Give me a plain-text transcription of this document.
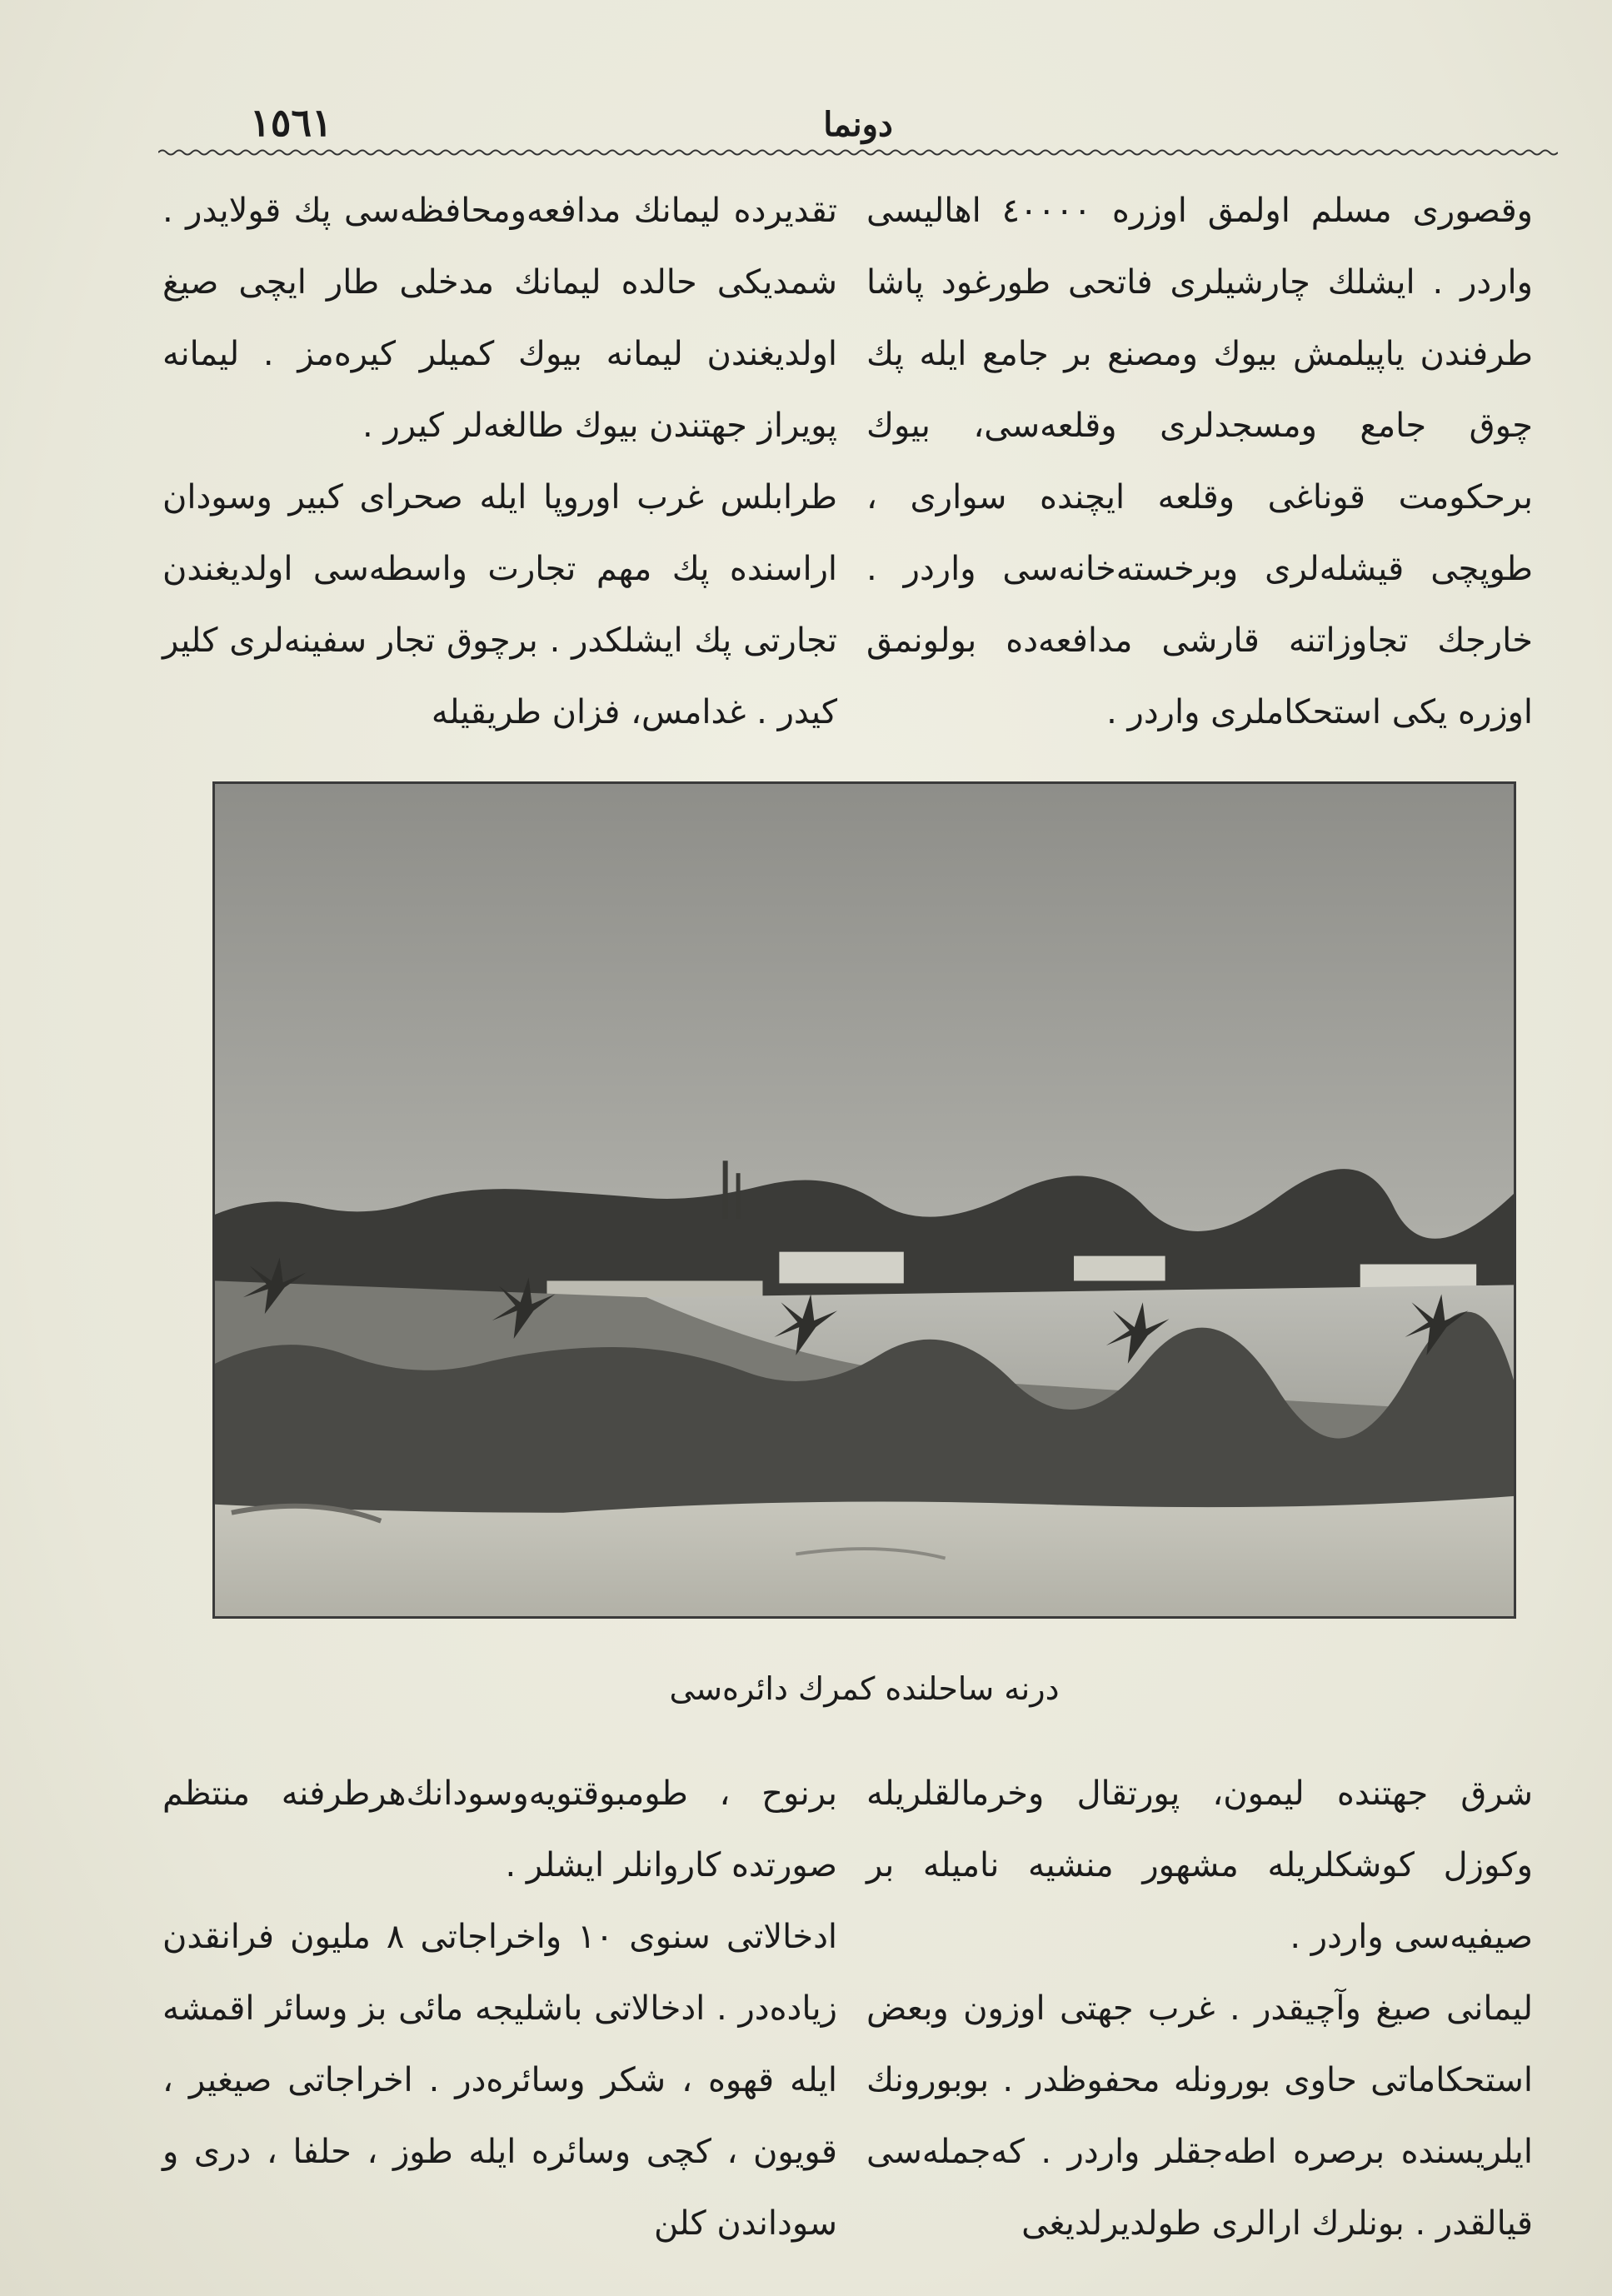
١٥٦١	دونما

وقصوری مسلم اولمق اوزره ٤٠٠٠٠ اهالیسی واردر . ایشلك چارشیلری فاتحی طورغود پاشا طرفندن یاپیلمش بیوك ومصنع بر جامع ایله پك چوق جامع ومسجدلری وقلعه‌سی، بیوك برحکومت قوناغی وقلعه ایچنده سواری ، طوپچی قیشله‌لری وبرخسته‌خانه‌سی واردر . خارجك تجاوزاتنه قارشی مدافعه‌ده بولونمق اوزره یکی استحکاملری واردر .

تقدیرده لیمانك مدافعه‌ومحافظه‌سی پك قولایدر . شمدیکی حالده لیمانك مدخلی طار ایچی صیغ اولدیغندن لیمانه بیوك کمیلر کیره‌مز . لیمانه پویراز جهتندن بیوك طالغه‌لر کیرر .

طرابلس غرب اوروپا ایله صحرای کبیر وسودان اراسنده پك مهم تجارت واسطه‌سی اولدیغندن تجارتی پك ایشلکدر . برچوق تجار سفینه‌لری کلیر کیدر . غدامس، فزان طریقیله

درنه ساحلنده کمرك دائره‌سی

شرق جهتنده لیمون، پورتقال وخرمالقلریله وکوزل کوشکلریله مشهور منشیه نامیله بر صیفیه‌سی واردر .

لیمانی صیغ وآچیقدر . غرب جهتی اوزون وبعض استحکاماتی حاوی بورونله محفوظدر . بوبورونك ایلریسنده برصره اطه‌جقلر واردر . که‌جمله‌سی قیالقدر . بونلرك ارالری طولدیرلدیغی

برنوح ، طومبوقتویه‌وسودانك‌هرطرفنه منتظم صورتده کاروانلر ایشلر .

ادخالاتی سنوی ١٠ واخراجاتی ٨ ملیون فرانقدن زیاده‌در . ادخالاتی باشلیجه مائی بز وسائر اقمشه ایله قهوه ، شکر وسائره‌در . اخراجاتی صیغیر ، قویون ، کچی وسائره ایله طوز ، حلفا ، دری و سوداندن کلن
